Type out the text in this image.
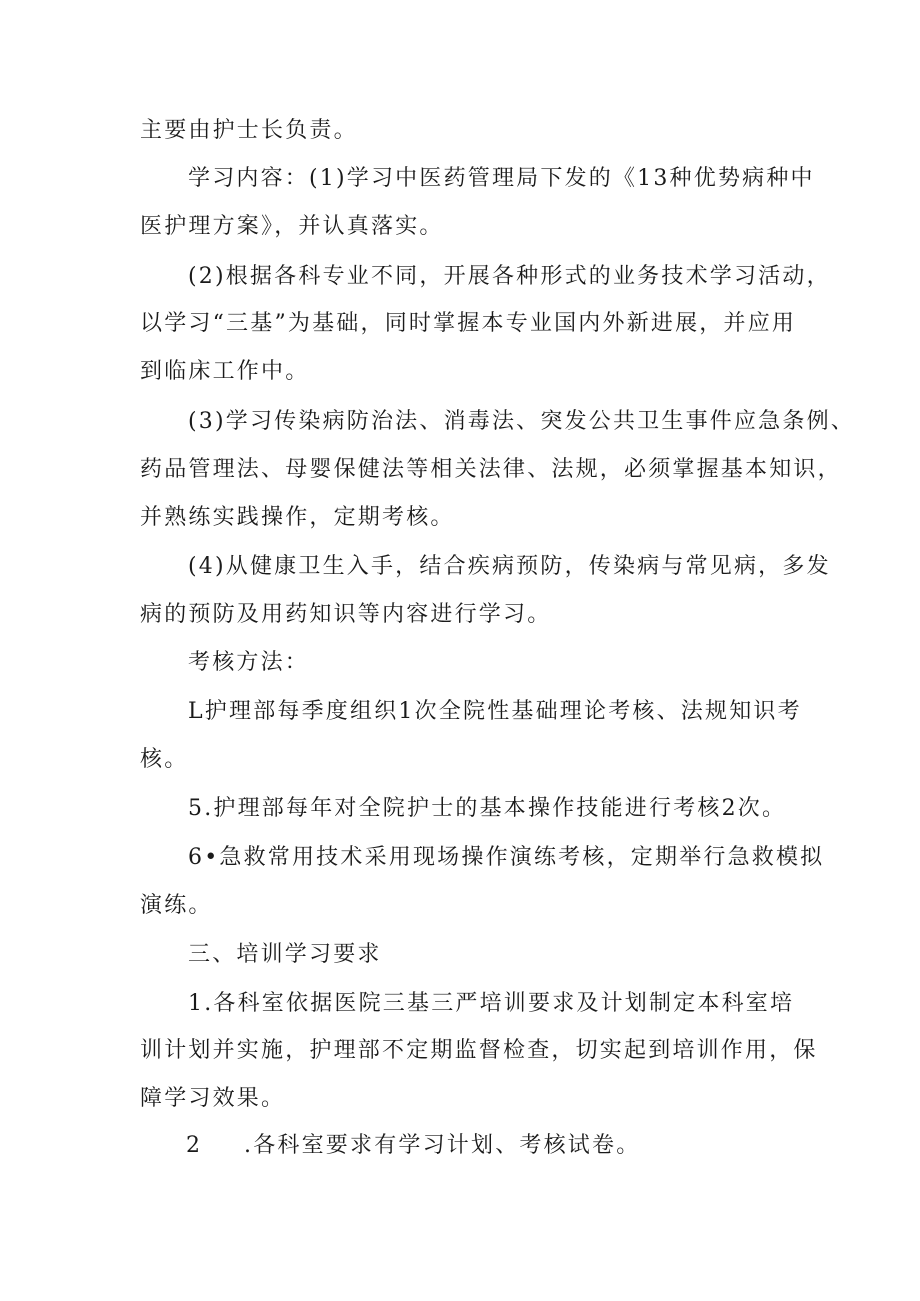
主要由护士长负责。
学习内容：(1)学习中医药管理局下发的《13种优势病种中
医护理方案》，并认真落实。
(2)根据各科专业不同，开展各种形式的业务技术学习活动，
以学习“三基”为基础，同时掌握本专业国内外新进展，并应用
到临床工作中。
(3)学习传染病防治法、消毒法、突发公共卫生事件应急条例、
药品管理法、母婴保健法等相关法律、法规，必须掌握基本知识，
并熟练实践操作，定期考核。
(4)从健康卫生入手，结合疾病预防，传染病与常见病，多发
病的预防及用药知识等内容进行学习。
考核方法：
L护理部每季度组织1次全院性基础理论考核、法规知识考
核。
5.护理部每年对全院护士的基本操作技能进行考核2次。
6•急救常用技术采用现场操作演练考核，定期举行急救模拟
演练。
三、培训学习要求
1.各科室依据医院三基三严培训要求及计划制定本科室培
训计划并实施，护理部不定期监督检查，切实起到培训作用，保
障学习效果。
2 .各科室要求有学习计划、考核试卷。
